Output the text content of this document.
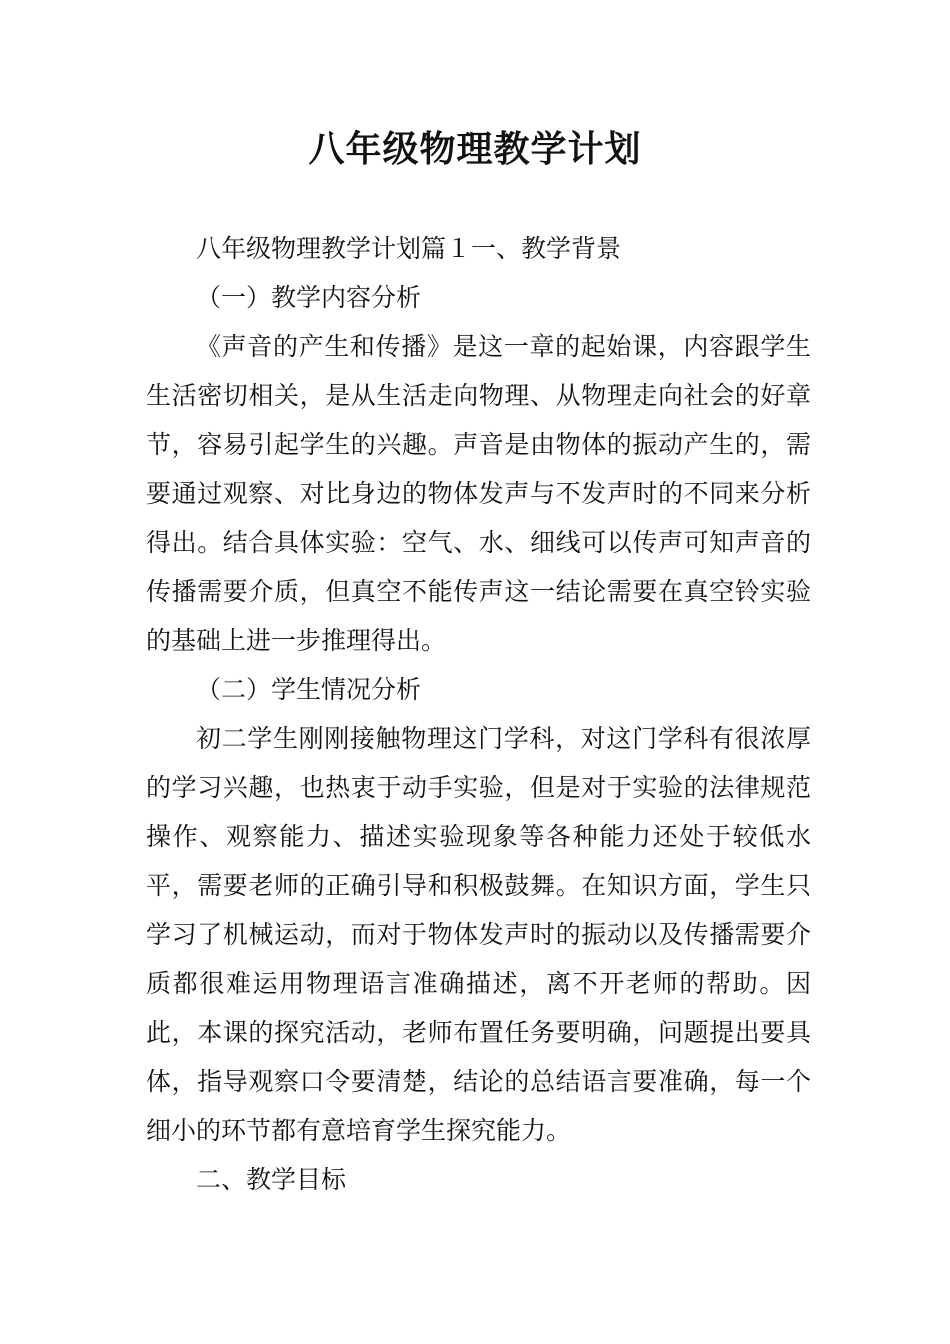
八年级物理教学计划

八年级物理教学计划篇１一、教学背景

（一）教学内容分析

《声音的产生和传播》是这一章的起始课，内容跟学生生活密切相关，是从生活走向物理、从物理走向社会的好章节，容易引起学生的兴趣。声音是由物体的振动产生的，需要通过观察、对比身边的物体发声与不发声时的不同来分析得出。结合具体实验：空气、水、细线可以传声可知声音的传播需要介质，但真空不能传声这一结论需要在真空铃实验的基础上进一步推理得出。

（二）学生情况分析

初二学生刚刚接触物理这门学科，对这门学科有很浓厚的学习兴趣，也热衷于动手实验，但是对于实验的法律规范操作、观察能力、描述实验现象等各种能力还处于较低水平，需要老师的正确引导和积极鼓舞。在知识方面，学生只学习了机械运动，而对于物体发声时的振动以及传播需要介质都很难运用物理语言准确描述，离不开老师的帮助。因此，本课的探究活动，老师布置任务要明确，问题提出要具体，指导观察口令要清楚，结论的总结语言要准确，每一个细小的环节都有意培育学生探究能力。

二、教学目标
